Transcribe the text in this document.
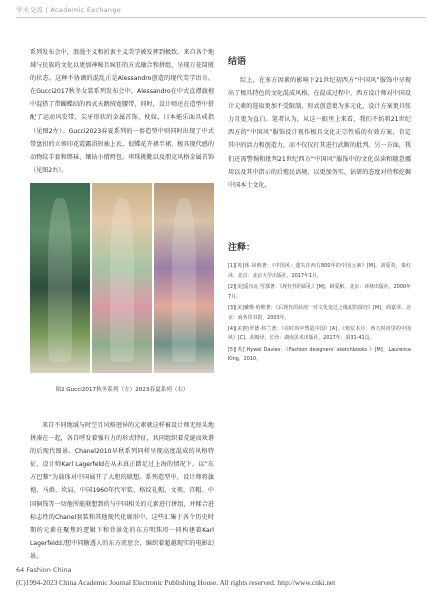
学术交流 | Academic Exchange

系列发布会中，浪漫主义和折衷主义美学被发挥到极致。来自各个地域与民族的文化以更加神秘且疯狂的方式融合和拼组，呈现万花筒般的状态。这种不协调的混乱正是Alessandro创造的现代美学语言。在Gucci2017秋冬女装系列发布会中，Alessandro在中式直襟旗袍中混搭了带蝴蝶结的西式天鹅绒宽腰带，同时，设计师还在造型中搭配了运动风发带、尖牙形状的金属首饰、枕奴、日本能乐面具戒指（见图2左）。Gucci2023春夏系列的一套造型中则同时出现了中式带盘扣的立领印花霞露浴短袖上衣、很蝶花卉裙半裙、极具现代感的动物纹手套和绑袜、镶钻小揹挎包、串珠挑靴以及朋克风格金属首饰（见图2右）。

图2 Gucci2017秋冬系列（左）2023春夏系列（右）

来自不同地域与时空且风格迥异的元素就这样被设计师无厘头地拼凑在一起，各自呼发着强有力的形式特征，共同组织着荒诞而欢谐的后现代图景。Chanel2010早秋系列同样呈现高度混成的风格特征，设计师Karl Lagerfeld在从未真正踏足过上海的情况下，以“东方巴黎”为载体对中国展开了大胆的联想。系列造型中，设计师将旗袍、马褂、坎肩、中国1960年代军装、格纹礼帽、文领、宫帽、中国铜钱等一切他所能联想到的与中国相关的元素进行拼组，并糅合进标志性的Chanel套装和其他现代化廓形中，这些汇集于各个历史时期的元素在聚焦的逻辑下和背景处的东方明珠塔一同构建着Karl Lagerfeld幻想中同糖透人的东方虎思会，编织着超越现实的电影幻景。

结语

综上，在多方因素的影响下21世纪初西方“中国风”服饰中呈现出了极具特色的文化混成风格。在混成过程中，西方设计师对中国设计元素的选取更加不受限制，形式创意更为多元化，设计方案更具张力且更为直白。笔者认为，从这一眼里上来看，我们不妨将21世纪西方的“中国风”服饰设计视作极具文化正宗性质的有效方案，肯定其中的活力和创造力，而不仅仅打其进行武断的批判。另一方面，我们还需警惕和批判21世纪西方“中国风”服饰中的文化误读和随意挪用以及其中指示的后殖民语境，以更加务实、钻研的态度对待和挖掘中国本土文化。

注释：
[1][英]休·昂纳著：《中国风：遗失在西方800年的中国元素》[M]，刘爱英，秦红译，北京：北京大学出版社，2017年1月。
[2][美]爱尔瓦·雪那著：《现代性的面孔》[M]，顾爱彬，北京：译林出版社，2000年7月。
[3][美]戴维·哈维著：《后现代的状况一对文化变迁之缘起的探究》[M]，阎嘉译，北京：商务印书馆，2003年。
[4][美]哈罗德·科兰著：《在时尚中塑造中国》[A]，《殖荒本月：西方时尚里的中国风》[C]，胡晴译，长沙：湖南美术出版社，2017年，第31-41页。
[5][英] Hywel Davies：《Fashion designers’ sketchbooks 》[M]，Laurence King，2010。
64 Fashion China
(C)1994-2023 China Academic Journal Electronic Publishing House. All rights reserved. http://www.cnki.net
